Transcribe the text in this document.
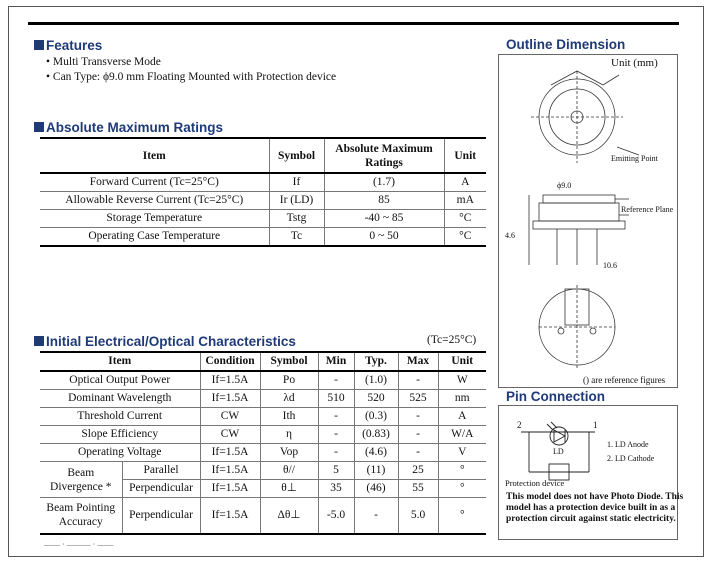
Features
• Multi Transverse Mode
• Can Type: ϕ9.0 mm Floating Mounted with Protection device
Absolute Maximum Ratings
Item	Symbol	Absolute Maximum Ratings	Unit
Forward Current (Tc=25°C)	If	(1.7)	A
Allowable Reverse Current (Tc=25°C)	Ir (LD)	85	mA
Storage Temperature	Tstg	-40 ~ 85	°C
Operating Case Temperature	Tc	0 ~ 50	°C
Initial Electrical/Optical Characteristics	(Tc=25°C)
Item		Condition	Symbol	Min	Typ.	Max	Unit
Optical Output Power		If=1.5A	Po	-	(1.0)	-	W
Dominant Wavelength		If=1.5A	λd	510	520	525	nm
Threshold Current		CW	Ith	-	(0.3)	-	A
Slope Efficiency		CW	η	-	(0.83)	-	W/A
Operating Voltage		If=1.5A	Vop	-	(4.6)	-	V
Beam Divergence *	Parallel	If=1.5A	θ//	5	(11)	25	°
	Perpendicular	If=1.5A	θ⊥	35	(46)	55	°
Beam Pointing Accuracy	Perpendicular	If=1.5A	Δθ⊥	-5.0	-	5.0	°
—— · ——— · ——
Outline Dimension
Unit (mm)
Emitting Point
Reference Plane
ϕ9.0
4.6
10.6
() are reference figures
Pin Connection
2	1
LD
1. LD Anode
2. LD Cathode
Protection device
This model does not have Photo Diode. This model has a protection device built in as a protection circuit against static electricity.
